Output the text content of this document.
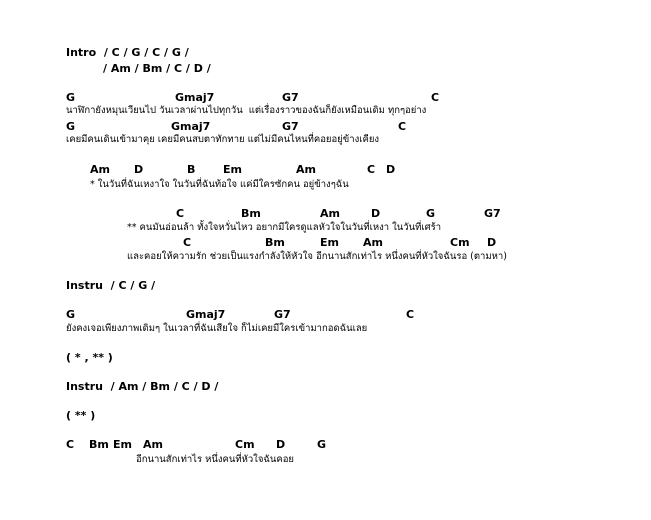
Intro  / C / G / C / G /
/ Am / Bm / C / D /
G	Gmaj7	G7	C
นาฬิกายังหมุนเวียนไป วันเวลาผ่านไปทุกวัน  แต่เรื่องราวของฉันก็ยังเหมือนเดิม ทุกๆอย่าง
G	Gmaj7	G7	C
เคยมีคนเดินเข้ามาคุย เคยมีคนสบตาทักทาย แต่ไม่มีคนไหนที่คอยอยู่ข้างเคียง
Am D	B	Em	Am	C D
* ในวันที่ฉันเหงาใจ ในวันที่ฉันท้อใจ แค่มีใครซักคน อยู่ข้างๆฉัน
C	Bm	Am	D	G	G7
** คนมันอ่อนล้า ทั้งใจหวั่นไหว อยากมีใครดูแลหัวใจในวันที่เหงา ในวันที่เศร้า
C	Bm	Em Am	Cm D
และคอยให้ความรัก ช่วยเป็นแรงกำลังให้หัวใจ อีกนานสักเท่าไร หนึ่งคนที่หัวใจฉันรอ (ตามหา)
Instru  / C / G /
G	Gmaj7	G7	C
ยังคงเจอเพียงภาพเดิมๆ ในเวลาที่ฉันเสียใจ ก็ไม่เคยมีใครเข้ามากอดฉันเลย
( * , ** )
Instru  / Am / Bm / C / D /
( ** )
C Bm Em Am	Cm D	G
อีกนานสักเท่าไร หนึ่งคนที่หัวใจฉันคอย
